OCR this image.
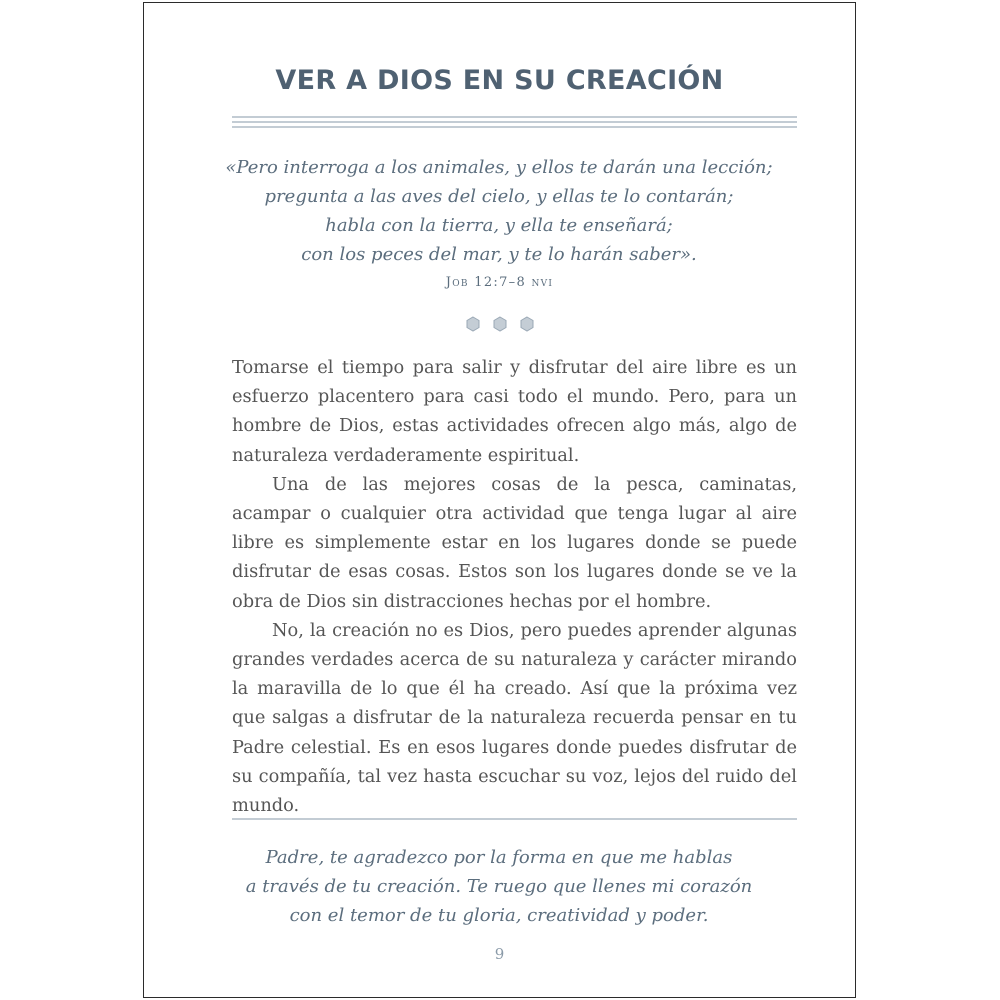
VER A DIOS EN SU CREACIÓN

«Pero interroga a los animales, y ellos te darán una lección;

pregunta a las aves del cielo, y ellas te lo contarán;

habla con la tierra, y ella te enseñará;

con los peces del mar, y te lo harán saber».

Job 12:7–8 nvi

Tomarse el tiempo para salir y disfrutar del aire libre es un esfuerzo placentero para casi todo el mundo. Pero, para un hombre de Dios, estas actividades ofrecen algo más, algo de naturaleza verdaderamente espiritual.

Una de las mejores cosas de la pesca, caminatas, acampar o cualquier otra actividad que tenga lugar al aire libre es simplemente estar en los lugares donde se puede disfrutar de esas cosas. Estos son los lugares donde se ve la obra de Dios sin distracciones hechas por el hombre.

No, la creación no es Dios, pero puedes aprender algunas grandes verdades acerca de su naturaleza y carácter mirando la maravilla de lo que él ha creado. Así que la próxima vez que salgas a disfrutar de la naturaleza recuerda pensar en tu Padre celestial. Es en esos lugares donde puedes disfrutar de su compañía, tal vez hasta escuchar su voz, lejos del ruido del mundo.

Padre, te agradezco por la forma en que me hablas

a través de tu creación. Te ruego que llenes mi corazón

con el temor de tu gloria, creatividad y poder.

9
